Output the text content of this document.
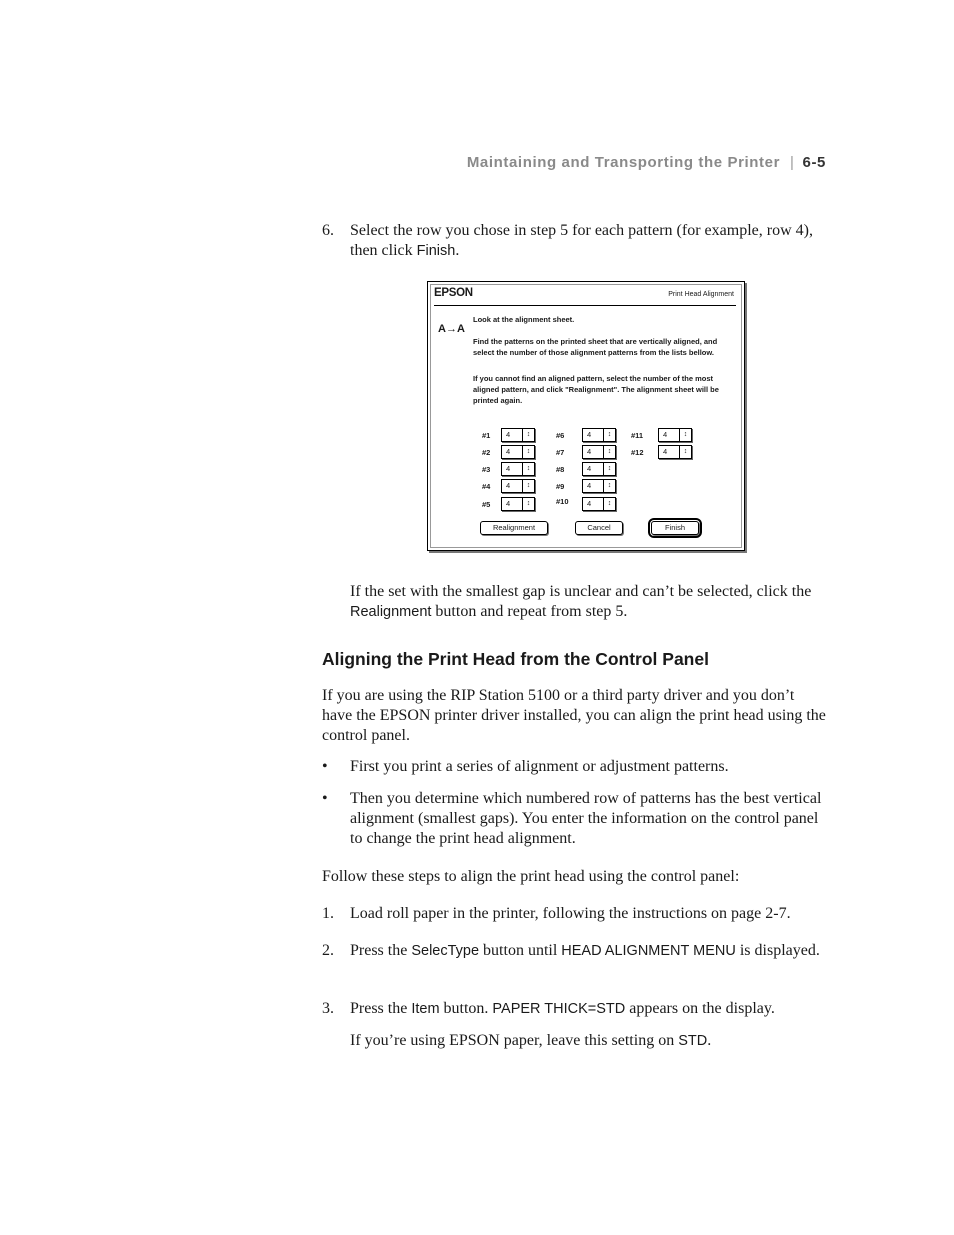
Maintaining and Transporting the Printer | 6-5
6. Select the row you chose in step 5 for each pattern (for example, row 4), then click Finish.
EPSON	Print Head Alignment
A→A
Look at the alignment sheet.
Find the patterns on the printed sheet that are vertically aligned, and select the number of those alignment patterns from the lists bellow.
If you cannot find an aligned pattern, select the number of the most aligned pattern, and click "Realignment". The alignment sheet will be printed again.
#1 4	↕
#2 4	↕
#3 4	↕
#4 4	↕
#5 4	↕
#6	4	↕
#7	4	↕
#8	4	↕
#9	4	↕
#10 4	↕
#11	4	↕
#12	4	↕
Realignment	Cancel	Finish
If the set with the smallest gap is unclear and can’t be selected, click the Realignment button and repeat from step 5.
Aligning the Print Head from the Control Panel
If you are using the RIP Station 5100 or a third party driver and you don’t have the EPSON printer driver installed, you can align the print head using the control panel.
• First you print a series of alignment or adjustment patterns.
• Then you determine which numbered row of patterns has the best vertical alignment (smallest gaps). You enter the information on the control panel to change the print head alignment.
Follow these steps to align the print head using the control panel:
1. Load roll paper in the printer, following the instructions on page 2-7.
2. Press the SelecType button until HEAD ALIGNMENT MENU is displayed.
3. Press the Item button. PAPER THICK=STD appears on the display.
If you’re using EPSON paper, leave this setting on STD.
